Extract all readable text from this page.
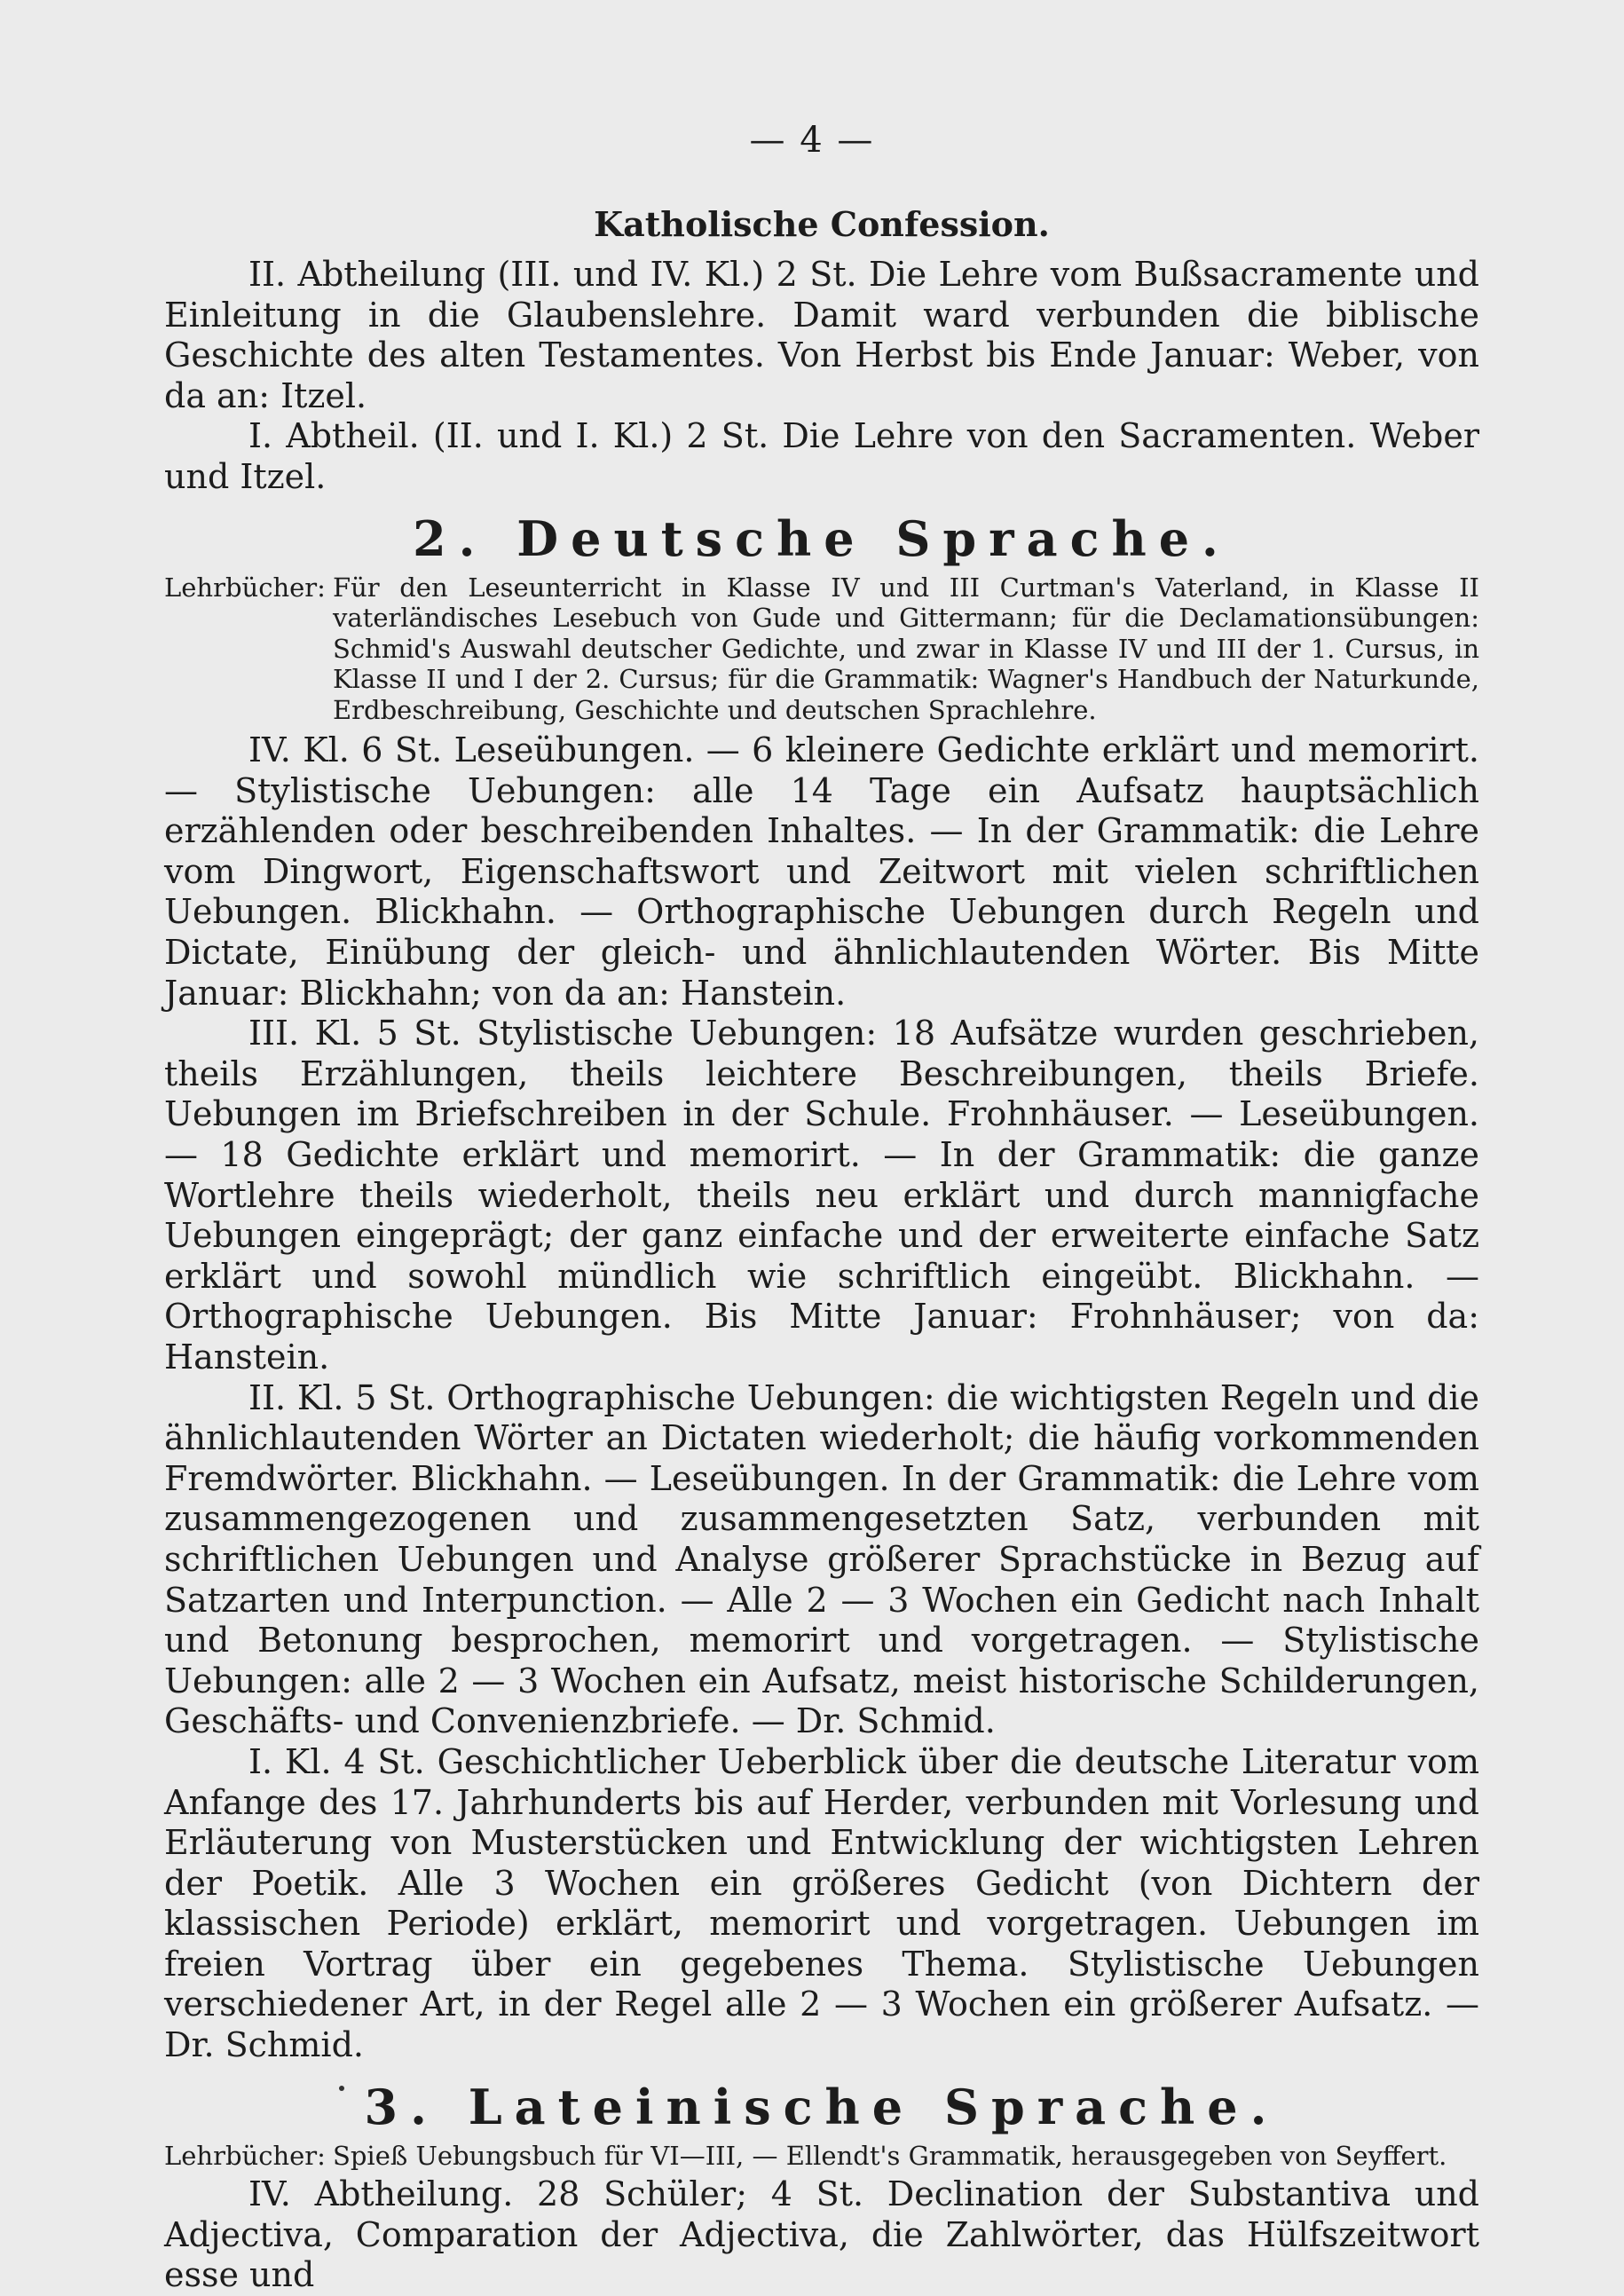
— 4 —
Katholische Confession.

II. Abtheilung (III. und IV. Kl.) 2 St. Die Lehre vom Bußsacramente und Einleitung in die Glaubenslehre. Damit ward verbunden die biblische Geschichte des alten Testamentes. Von Herbst bis Ende Januar: Weber, von da an: Itzel.

I. Abtheil. (II. und I. Kl.) 2 St. Die Lehre von den Sacramenten. Weber und Itzel.

2. Deutsche Sprache.
Lehrbücher: Für den Leseunterricht in Klasse IV und III Curtman's Vaterland, in Klasse II vaterländisches Lesebuch von Gude und Gittermann; für die Declamationsübungen: Schmid's Auswahl deutscher Gedichte, und zwar in Klasse IV und III der 1. Cursus, in Klasse II und I der 2. Cursus; für die Grammatik: Wagner's Handbuch der Naturkunde, Erdbeschreibung, Geschichte und deutschen Sprachlehre.

IV. Kl. 6 St. Leseübungen. — 6 kleinere Gedichte erklärt und memorirt. — Stylistische Uebungen: alle 14 Tage ein Aufsatz hauptsächlich erzählenden oder beschreibenden Inhaltes. — In der Grammatik: die Lehre vom Dingwort, Eigenschaftswort und Zeitwort mit vielen schriftlichen Uebungen. Blickhahn. — Orthographische Uebungen durch Regeln und Dictate, Einübung der gleich- und ähnlichlautenden Wörter. Bis Mitte Januar: Blickhahn; von da an: Hanstein.

III. Kl. 5 St. Stylistische Uebungen: 18 Aufsätze wurden geschrieben, theils Erzählungen, theils leichtere Beschreibungen, theils Briefe. Uebungen im Briefschreiben in der Schule. Frohnhäuser. — Leseübungen. — 18 Gedichte erklärt und memorirt. — In der Grammatik: die ganze Wortlehre theils wiederholt, theils neu erklärt und durch mannigfache Uebungen eingeprägt; der ganz einfache und der erweiterte einfache Satz erklärt und sowohl mündlich wie schriftlich eingeübt. Blickhahn. — Orthographische Uebungen. Bis Mitte Januar: Frohnhäuser; von da: Hanstein.

II. Kl. 5 St. Orthographische Uebungen: die wichtigsten Regeln und die ähnlichlautenden Wörter an Dictaten wiederholt; die häufig vorkommenden Fremdwörter. Blickhahn. — Leseübungen. In der Grammatik: die Lehre vom zusammengezogenen und zusammengesetzten Satz, verbunden mit schriftlichen Uebungen und Analyse größerer Sprachstücke in Bezug auf Satzarten und Interpunction. — Alle 2 — 3 Wochen ein Gedicht nach Inhalt und Betonung besprochen, memorirt und vorgetragen. — Stylistische Uebungen: alle 2 — 3 Wochen ein Aufsatz, meist historische Schilderungen, Geschäfts- und Convenienzbriefe. — Dr. Schmid.

I. Kl. 4 St. Geschichtlicher Ueberblick über die deutsche Literatur vom Anfange des 17. Jahrhunderts bis auf Herder, verbunden mit Vorlesung und Erläuterung von Musterstücken und Entwicklung der wichtigsten Lehren der Poetik. Alle 3 Wochen ein größeres Gedicht (von Dichtern der klassischen Periode) erklärt, memorirt und vorgetragen. Uebungen im freien Vortrag über ein gegebenes Thema. Stylistische Uebungen verschiedener Art, in der Regel alle 2 — 3 Wochen ein größerer Aufsatz. — Dr. Schmid.

3. Lateinische Sprache.
Lehrbücher: Spieß Uebungsbuch für VI—III, — Ellendt's Grammatik, herausgegeben von Seyffert.

IV. Abtheilung. 28 Schüler; 4 St. Declination der Substantiva und Adjectiva, Comparation der Adjectiva, die Zahlwörter, das Hülfszeitwort esse und
